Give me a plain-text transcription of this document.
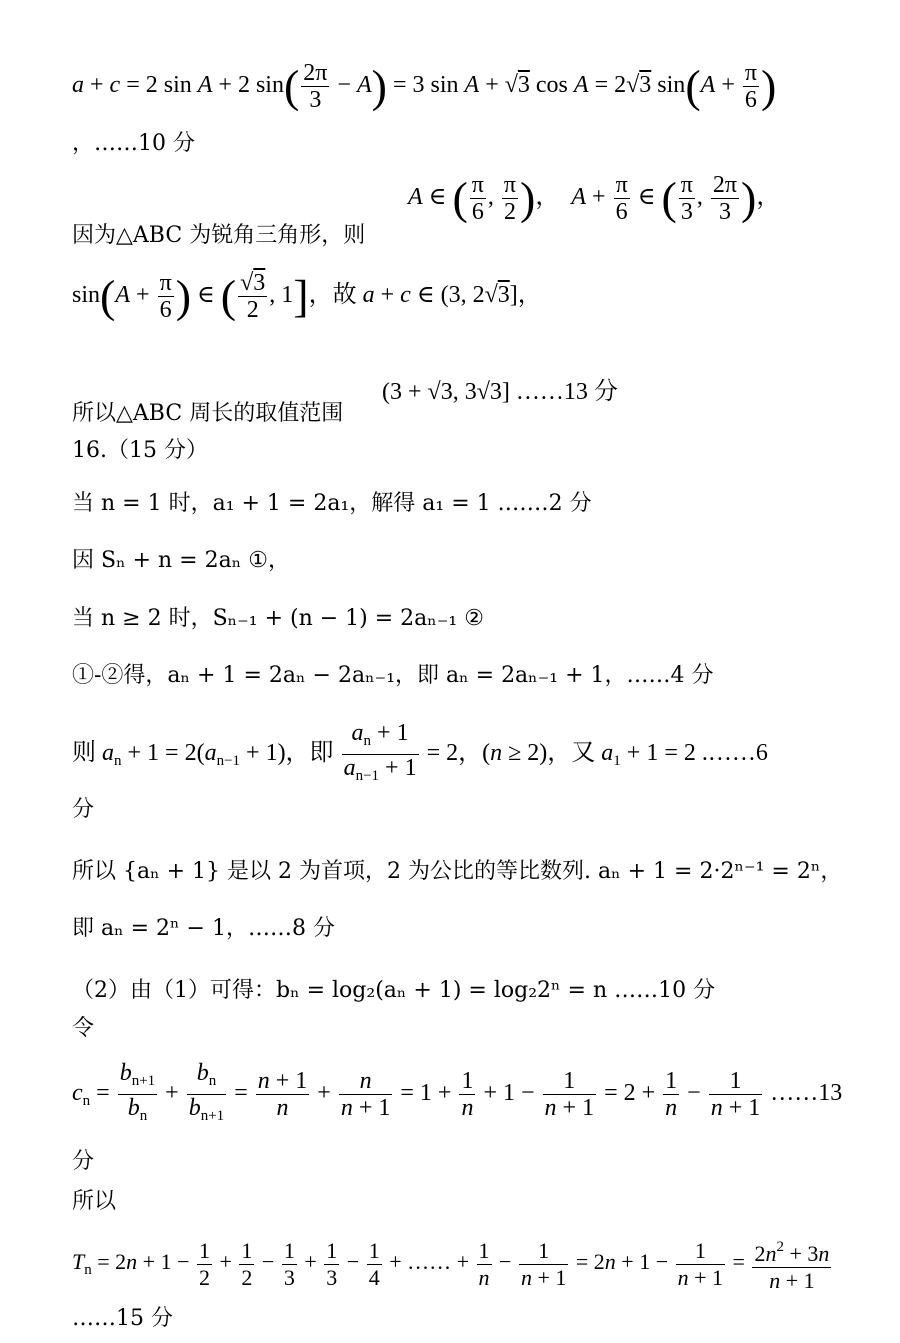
a + c = 2 sin A + 2 $\sin( \frac{2\pi}{3} - A) = 3$ sin A + √3 cos A = 2√3 $\sin(A + \frac{\pi}{6}$ )
，……10 分
因为△ABC 为锐角三角形，则
A ∈ ( $\frac{\pi}{6}$ , $\frac{\pi}{2}$ )，  $A + \frac{\pi}{6}$ ∈ ( $\frac{\pi}{3}$ , $\frac{2\pi}{3}$ )，
$\sin(A + \frac{\pi}{6}$ ) ∈ ( $\frac{√3}{2}$ , 1]，故 a + c ∈ (3, 2√3]，
所以△ABC 周长的取值范围
(3 + √3, 3√3] ……13 分
16.（15 分）
当 n = 1 时，a₁ + 1 = 2a₁，解得 a₁ = 1 .……2 分
因 Sₙ + n = 2aₙ ①，
当 n ≥ 2 时，Sₙ₋₁ + (n − 1) = 2aₙ₋₁ ②
①-②得，aₙ + 1 = 2aₙ − 2aₙ₋₁，即 aₙ = 2aₙ₋₁ + 1，……4 分
则 $a_n + 1 = 2(a_{n-1} + 1)$，即 $\frac{a_n + 1}{a_{n-1} + 1} = 2$，(n ≥ 2)，又 $a_1 + 1 = 2$ .……6
分
所以 {aₙ + 1} 是以 2 为首项，2 为公比的等比数列. aₙ + 1 = 2·2ⁿ⁻¹ = 2ⁿ，
即 aₙ = 2ⁿ − 1，……8 分
（2）由（1）可得：bₙ = log₂(aₙ + 1) = log₂2ⁿ = n ……10 分
令
$c_n = \frac{b_{n+1}}{b_n} + \frac{b_n}{b_{n+1}} = \frac{n + 1}{n} + \frac{n}{n + 1} = 1 + \frac{1}{n} + 1 - \frac{1}{n + 1} = 2 + \frac{1}{n} - \frac{1}{n + 1}$ ……13
分
所以
$T_n = 2n + 1 - \frac{1}{2} + \frac{1}{2} - \frac{1}{3} + \frac{1}{3} - \frac{1}{4}$ + …… + $\frac{1}{n} - \frac{1}{n + 1} = 2n + 1 - \frac{1}{n + 1} = \frac{2n^2 + 3n}{n + 1}$
……15 分
